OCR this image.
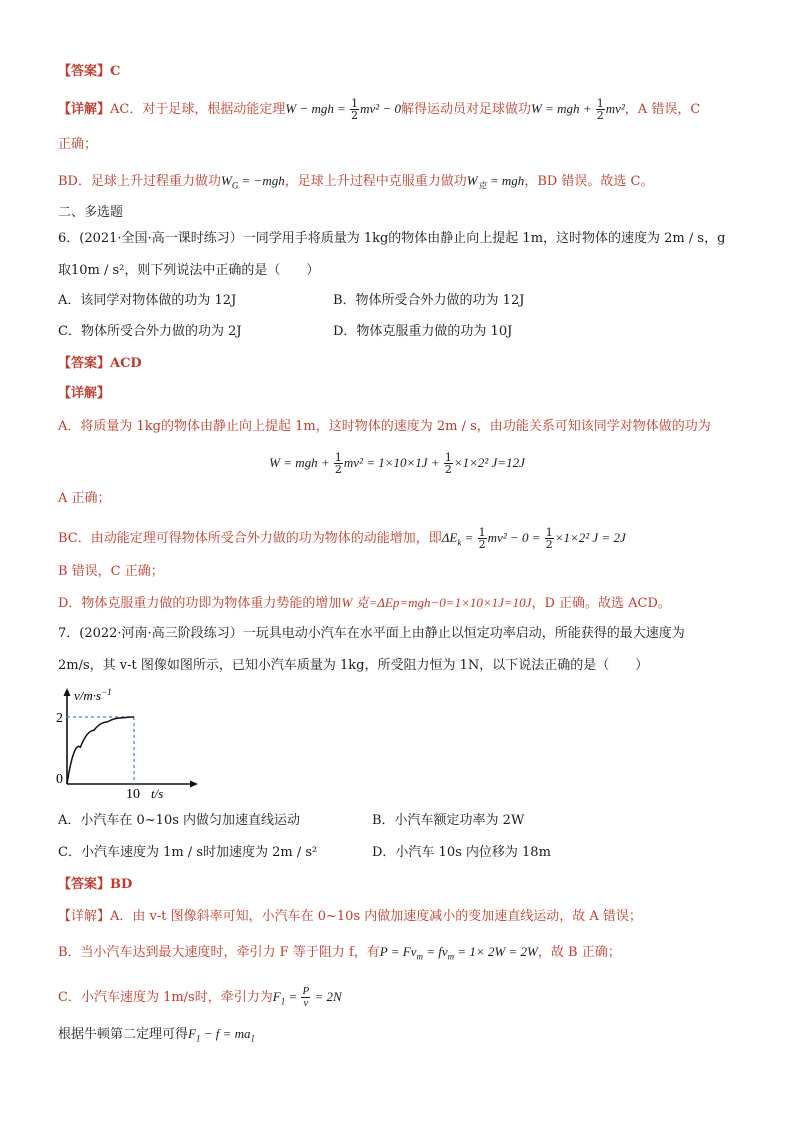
【答案】C
【详解】AC．对于足球，根据动能定理W − mgh = $\frac{1}{2} mv^2 - 0$解得运动员对足球做功W = mgh + $\frac{1}{2} mv^2$，A 错误，C
正确；
BD．足球上升过程重力做功$W_G = -mgh$，足球上升过程中克服重力做功$W_克$ = mgh，BD 错误。故选 C。
二、多选题
6．(2021·全国·高一课时练习）一同学用手将质量为 1kg的物体由静止向上提起 1m，这时物体的速度为 2m / s，g
取10m / s²，则下列说法中正确的是（　　）
A．该同学对物体做的功为 12J	B．物体所受合外力做的功为 12J
C．物体所受合外力做的功为 2J	D．物体克服重力做的功为 10J
【答案】ACD
【详解】
A．将质量为 1kg的物体由静止向上提起 1m，这时物体的速度为 2m / s，由功能关系可知该同学对物体做的功为
W = mgh + $\frac{1}{2} mv^2 = 1\times 10\times 1J + \frac{1}{2} \times 1\times 2^2$ J=12J
A 正确；
BC．由动能定理可得物体所受合外力做的功为物体的动能增加，即$\Delta E_k = \frac{1}{2} mv^2 - 0 = \frac{1}{2} \times 1\times 2^2$ J = 2J
B 错误，C 正确；
D．物体克服重力做的功即为物体重力势能的增加W 克=ΔEp=mgh−0=1×10×1J=10J，D 正确。故选 ACD。
7．(2022·河南·高三阶段练习）一玩具电动小汽车在水平面上由静止以恒定功率启动，所能获得的最大速度为
2m/s，其 v-t 图像如图所示，已知小汽车质量为 1kg，所受阻力恒为 1N，以下说法正确的是（　　）
$v/m\cdot s^{-1}$
2
0
10 t/s
A．小汽车在 0~10s 内做匀加速直线运动	B．小汽车额定功率为 2W
C．小汽车速度为 1m / s时加速度为 2m / s²	D．小汽车 10s 内位移为 18m
【答案】BD
【详解】A．由 v-t 图像斜率可知，小汽车在 0~10s 内做加速度减小的变加速直线运动，故 A 错误；
B．当小汽车达到最大速度时，牵引力 F 等于阻力 f，有$P = Fv_m = fv_m = 1\times 2W = 2W$，故 B 正确；
C．小汽车速度为 1m/s时，牵引力为$F_1 = \frac{P}{v} = 2N$
根据牛顿第二定理可得$F_1 - f = ma_1$
